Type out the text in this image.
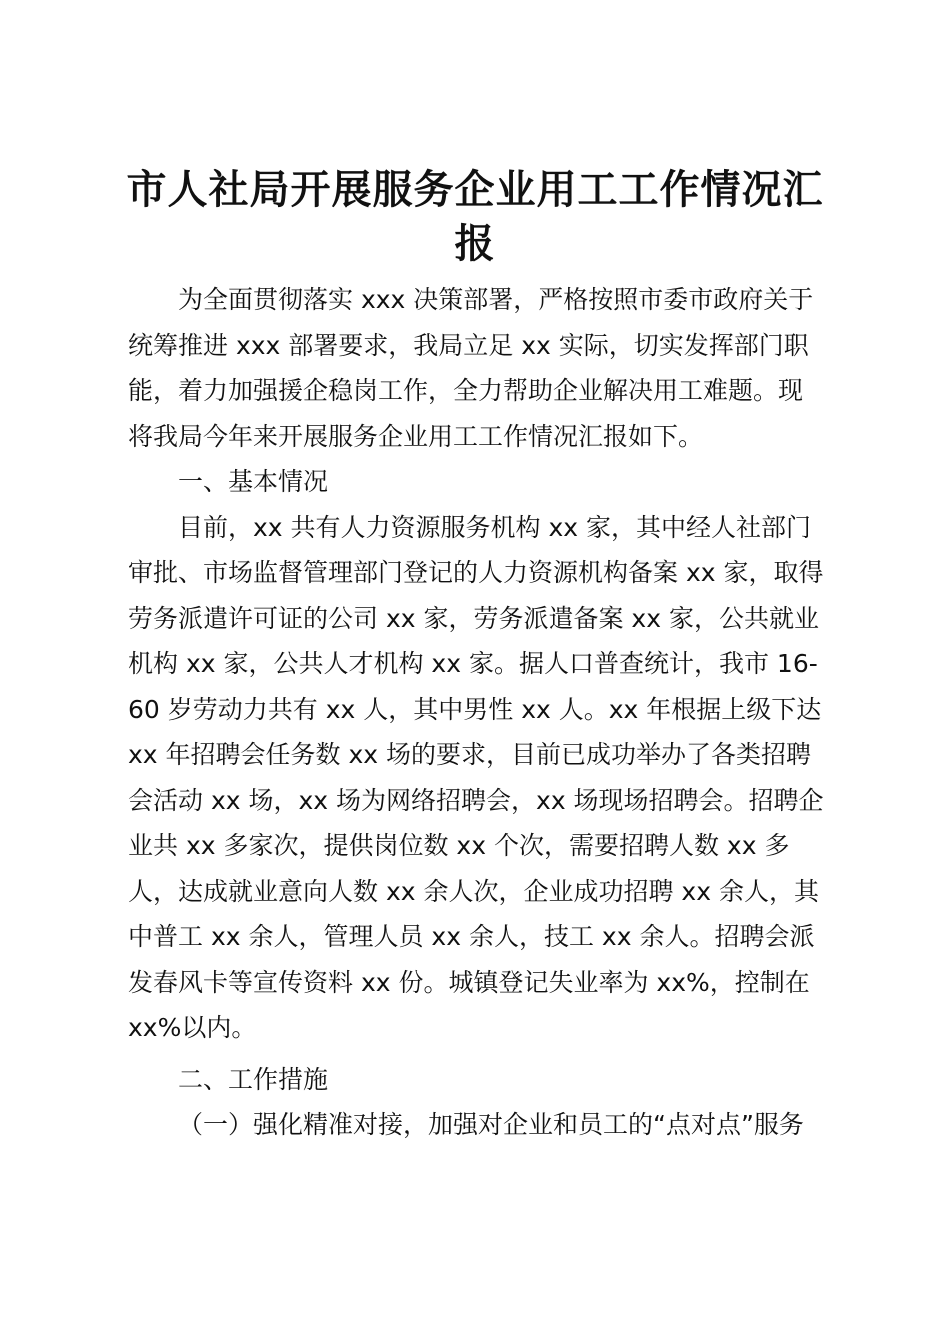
市人社局开展服务企业用工工作情况汇
报

为全面贯彻落实 xxx 决策部署，严格按照市委市政府关于
统筹推进 xxx 部署要求，我局立足 xx 实际，切实发挥部门职
能，着力加强援企稳岗工作，全力帮助企业解决用工难题。现
将我局今年来开展服务企业用工工作情况汇报如下。

一、基本情况

目前，xx 共有人力资源服务机构 xx 家，其中经人社部门
审批、市场监督管理部门登记的人力资源机构备案 xx 家，取得
劳务派遣许可证的公司 xx 家，劳务派遣备案 xx 家，公共就业
机构 xx 家，公共人才机构 xx 家。据人口普查统计，我市 16-
60 岁劳动力共有 xx 人，其中男性 xx 人。xx 年根据上级下达
xx 年招聘会任务数 xx 场的要求，目前已成功举办了各类招聘
会活动 xx 场，xx 场为网络招聘会，xx 场现场招聘会。招聘企
业共 xx 多家次，提供岗位数 xx 个次，需要招聘人数 xx 多
人，达成就业意向人数 xx 余人次，企业成功招聘 xx 余人，其
中普工 xx 余人，管理人员 xx 余人，技工 xx 余人。招聘会派
发春风卡等宣传资料 xx 份。城镇登记失业率为 xx%，控制在
xx%以内。

二、工作措施

（一）强化精准对接，加强对企业和员工的“点对点”服务
